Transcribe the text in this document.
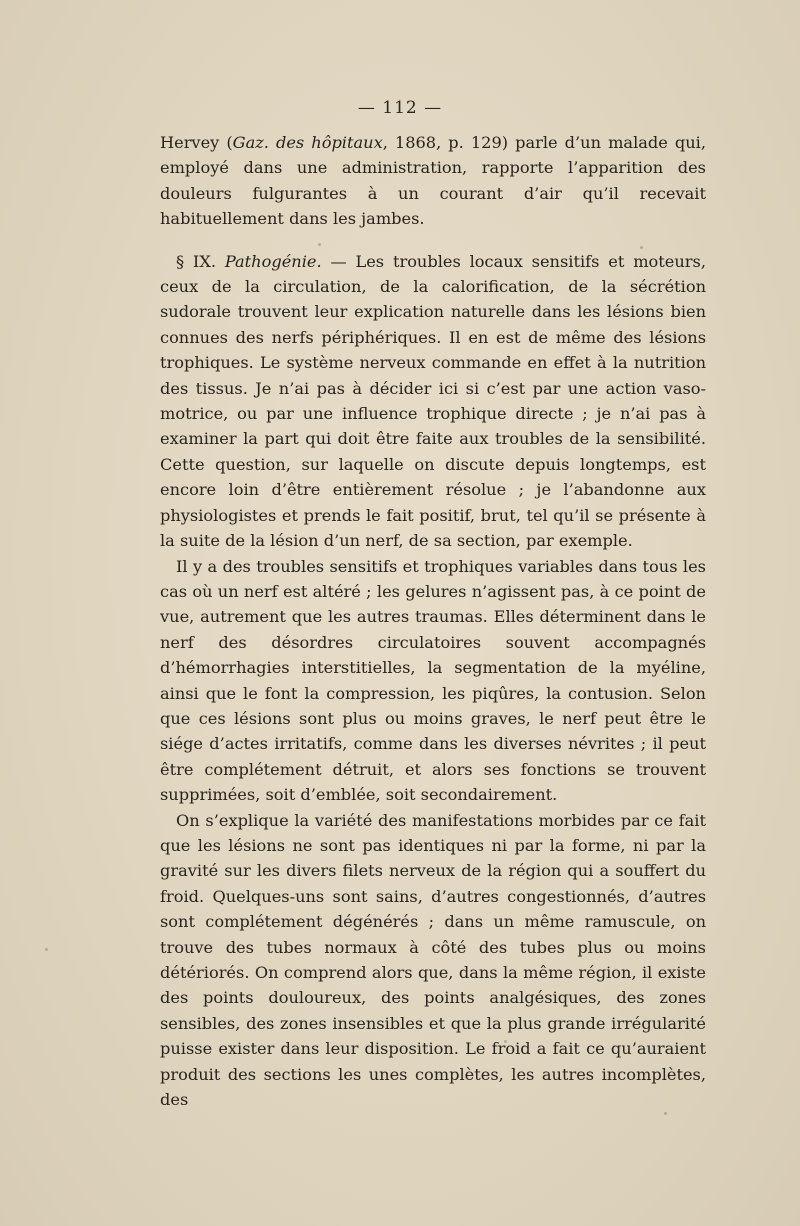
— 112 —

Hervey (Gaz. des hôpitaux, 1868, p. 129) parle d’un malade qui, employé dans une administration, rapporte l’apparition des douleurs fulgurantes à un courant d’air qu’il recevait habituellement dans les jambes.

§ IX. Pathogénie. — Les troubles locaux sensitifs et moteurs, ceux de la circulation, de la calorification, de la sécrétion sudorale trouvent leur explication naturelle dans les lésions bien connues des nerfs périphériques. Il en est de même des lésions trophiques. Le système nerveux commande en effet à la nutrition des tissus. Je n’ai pas à décider ici si c’est par une action vaso-motrice, ou par une influence trophique directe ; je n’ai pas à examiner la part qui doit être faite aux troubles de la sensibilité. Cette question, sur laquelle on discute depuis longtemps, est encore loin d’être entièrement résolue ; je l’abandonne aux physiologistes et prends le fait positif, brut, tel qu’il se présente à la suite de la lésion d’un nerf, de sa section, par exemple.

Il y a des troubles sensitifs et trophiques variables dans tous les cas où un nerf est altéré ; les gelures n’agissent pas, à ce point de vue, autrement que les autres traumas. Elles déterminent dans le nerf des désordres circulatoires souvent accompagnés d’hémorrhagies interstitielles, la segmentation de la myéline, ainsi que le font la compression, les piqûres, la contusion. Selon que ces lésions sont plus ou moins graves, le nerf peut être le siége d’actes irritatifs, comme dans les diverses névrites ; il peut être complétement détruit, et alors ses fonctions se trouvent supprimées, soit d’emblée, soit secondairement.

On s’explique la variété des manifestations morbides par ce fait que les lésions ne sont pas identiques ni par la forme, ni par la gravité sur les divers filets nerveux de la région qui a souffert du froid. Quelques-uns sont sains, d’autres congestionnés, d’autres sont complétement dégénérés ; dans un même ramuscule, on trouve des tubes normaux à côté des tubes plus ou moins détériorés. On comprend alors que, dans la même région, il existe des points douloureux, des points analgésiques, des zones sensibles, des zones insensibles et que la plus grande irrégularité puisse exister dans leur disposition. Le froid a fait ce qu’auraient produit des sections les unes complètes, les autres incomplètes, des
